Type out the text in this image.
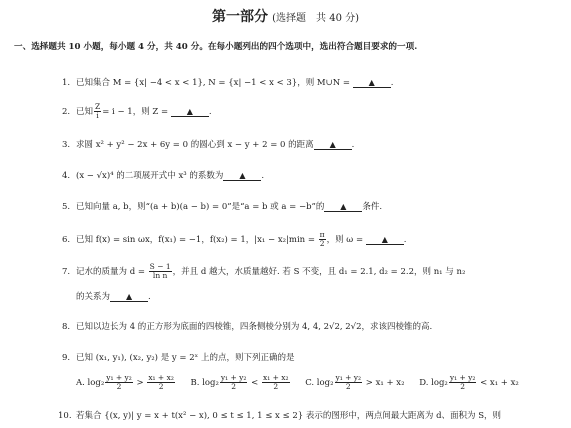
第一部分 (选择题　共 40 分)
一、选择题共 10 小题，每小题 4 分，共 40 分。在每小题列出的四个选项中，选出符合题目要求的一项.
1. 已知集合 M = {x| −4 < x < 1}, N = {x| −1 < x < 3}，则 M∪N = ▲ .
2. 已知 $\frac{Z}{i} = i - 1$，则 Z = ▲ .
3. 求圆 x² + y² − 2x + 6y = 0 的圆心到 x − y + 2 = 0 的距离 ▲ .
4. (x − √x)⁴ 的二项展开式中 x³ 的系数为 ▲ .
5. 已知向量 a, b，则“(a + b)(a − b) = 0”是“a = b 或 a = −b”的 ▲ 条件.
6. 已知 f(x) = sin ωx，f(x₁) = −1，f(x₂) = 1，$|x_1 - x_2|\min = \frac{\pi}{2}$ ，则 ω = ▲ .
7. 记水的质量为 $d = \frac{S - 1}{\text{ln n}}$ ，并且 d 越大，水质量越好. 若 S 不变，且 d₁ = 2.1, d₂ = 2.2，则 n₁ 与 n₂
的关系为 ▲ .
8. 已知以边长为 4 的正方形为底面的四棱锥，四条侧棱分别为 4, 4, 2√2, 2√2，求该四棱锥的高.
9. 已知 (x₁, y₁), (x₂, y₂) 是 y = 2ˣ 上的点，则下列正确的是
A. $\log_2 \frac{\text{y₁ + y₂}}{2} > \frac{\text{x₁ + x₂}}{2} B$. $\log_2 \frac{\text{y₁ + y₂}}{2} < \frac{\text{x₁ + x₂}}{2} C$. $\log_2 \frac{\text{y₁ + y₂}}{2} > x_1 + x_2$ D. $\log_2 \frac{\text{y₁ + y₂}}{2} < x_1 + x_2$
10. 若集合 {(x, y)| y = x + t(x² − x), 0 ≤ t ≤ 1, 1 ≤ x ≤ 2} 表示的图形中，两点间最大距离为 d、面积为 S，则
